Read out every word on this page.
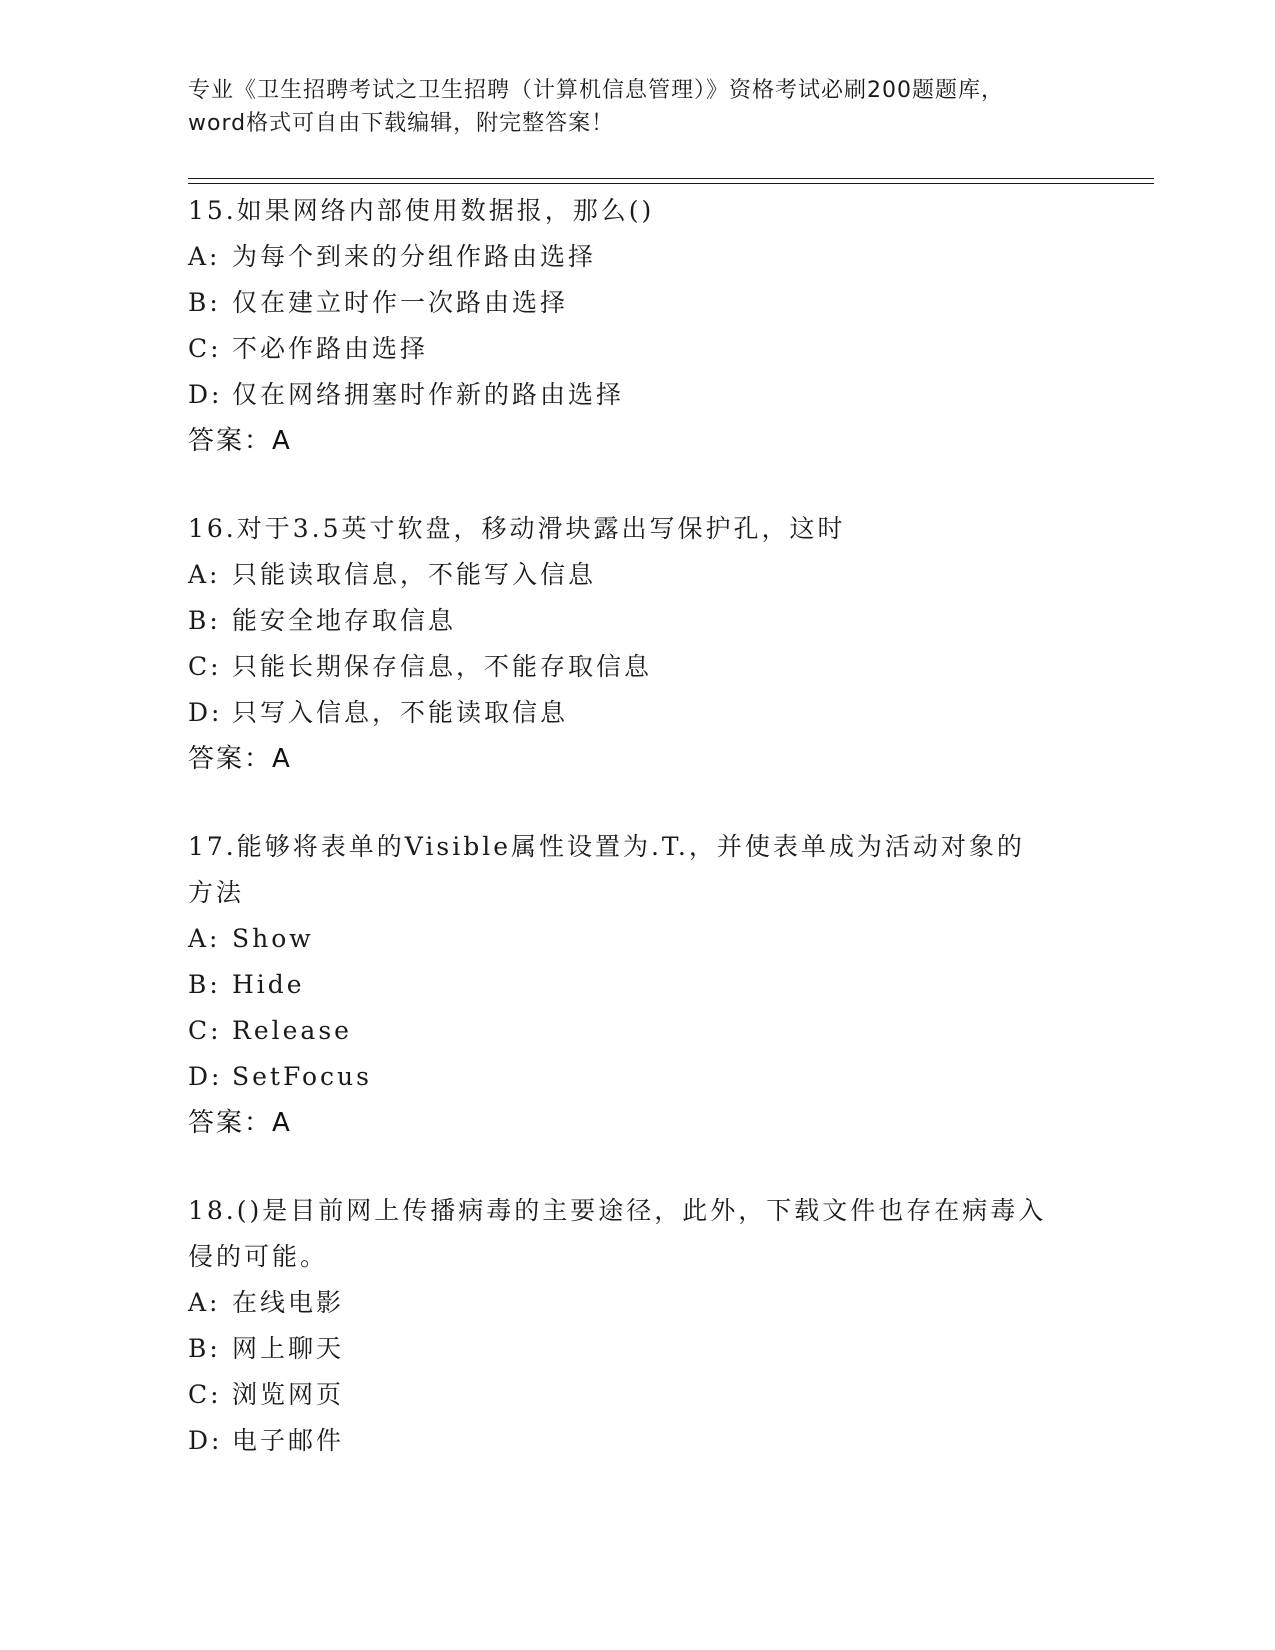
专业《卫生招聘考试之卫生招聘（计算机信息管理）》资格考试必刷200题题库，
word格式可自由下载编辑，附完整答案！
15.如果网络内部使用数据报，那么()
A: 为每个到来的分组作路由选择
B: 仅在建立时作一次路由选择
C: 不必作路由选择
D: 仅在网络拥塞时作新的路由选择
答案：A
16.对于3.5英寸软盘，移动滑块露出写保护孔，这时
A: 只能读取信息，不能写入信息
B: 能安全地存取信息
C: 只能长期保存信息，不能存取信息
D: 只写入信息，不能读取信息
答案：A
17.能够将表单的Visible属性设置为.T.，并使表单成为活动对象的
方法
A: Show
B: Hide
C: Release
D: SetFocus
答案：A
18.()是目前网上传播病毒的主要途径，此外，下载文件也存在病毒入
侵的可能。
A: 在线电影
B: 网上聊天
C: 浏览网页
D: 电子邮件
